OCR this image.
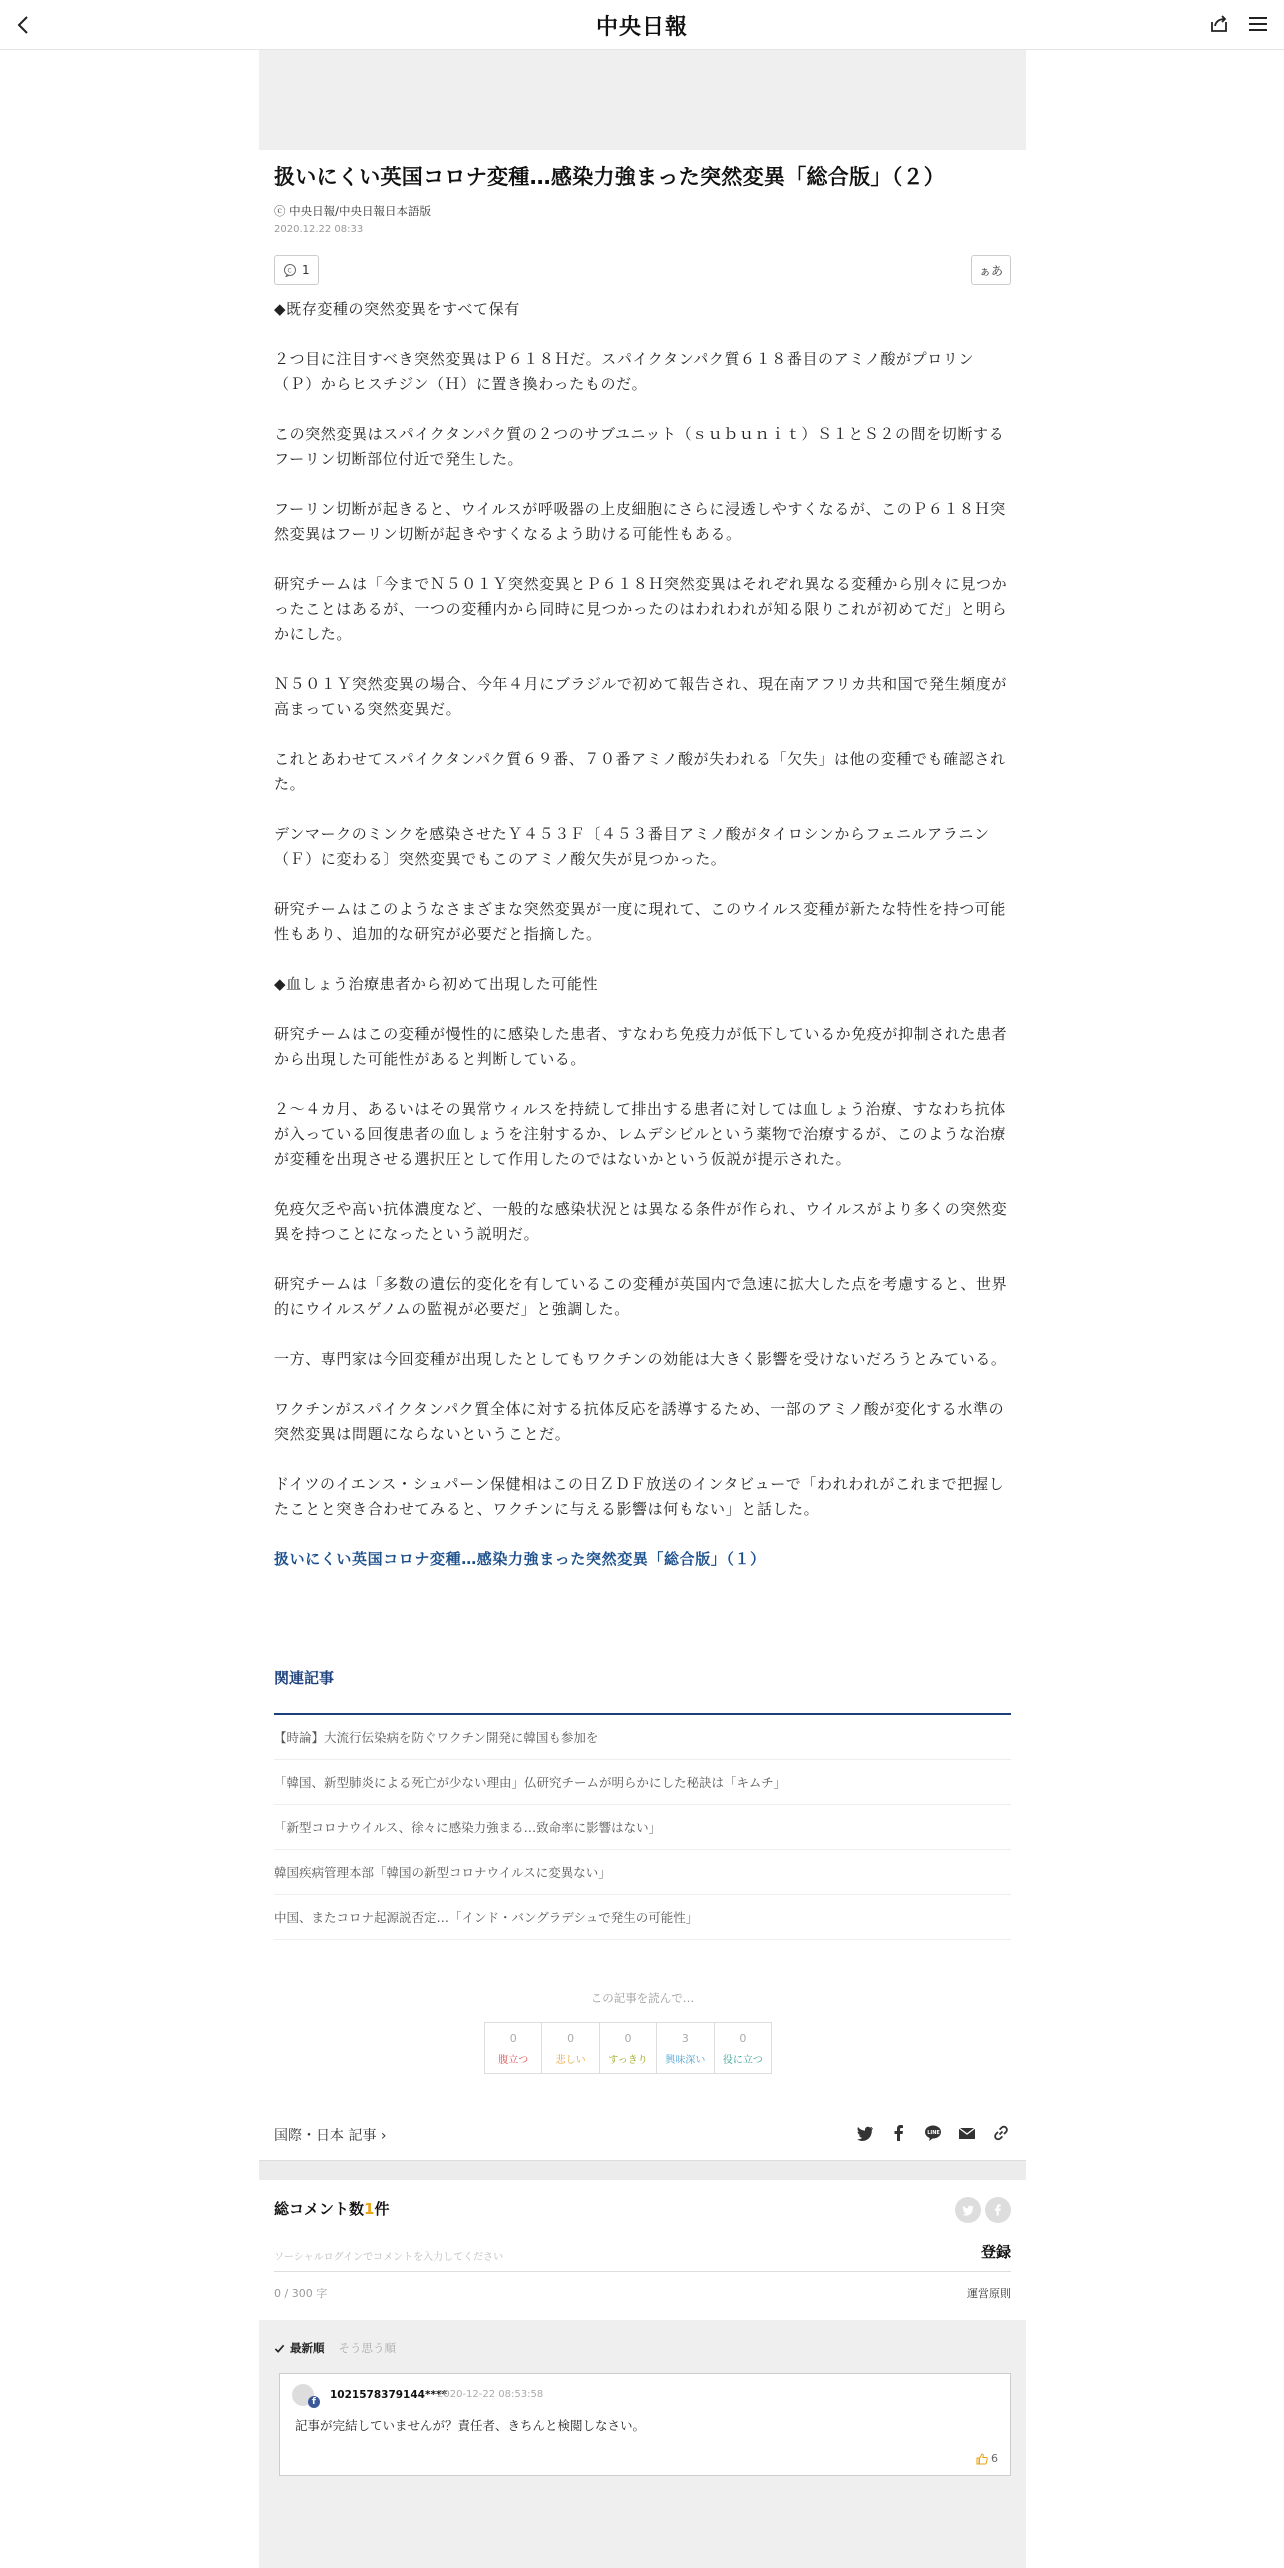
中央日報
扱いにくい英国コロナ変種…感染力強まった突然変異「総合版」（２）
ⓒ 中央日報/中央日報日本語版
2020.12.22 08:33
C 1	ぁあ

◆既存変種の突然変異をすべて保有

２つ目に注目すべき突然変異はＰ６１８Ｈだ。スパイクタンパク質６１８番目のアミノ酸がプロリン（Ｐ）からヒスチジン（Ｈ）に置き換わったものだ。

この突然変異はスパイクタンパク質の２つのサブユニット（ｓｕｂｕｎｉｔ）Ｓ１とＳ２の間を切断するフーリン切断部位付近で発生した。

フーリン切断が起きると、ウイルスが呼吸器の上皮細胞にさらに浸透しやすくなるが、このＰ６１８Ｈ突然変異はフーリン切断が起きやすくなるよう助ける可能性もある。

研究チームは「今までＮ５０１Ｙ突然変異とＰ６１８Ｈ突然変異はそれぞれ異なる変種から別々に見つかったことはあるが、一つの変種内から同時に見つかったのはわれわれが知る限りこれが初めてだ」と明らかにした。

Ｎ５０１Ｙ突然変異の場合、今年４月にブラジルで初めて報告され、現在南アフリカ共和国で発生頻度が高まっている突然変異だ。

これとあわせてスパイクタンパク質６９番、７０番アミノ酸が失われる「欠失」は他の変種でも確認された。

デンマークのミンクを感染させたＹ４５３Ｆ〔４５３番目アミノ酸がタイロシンからフェニルアラニン（Ｆ）に変わる〕突然変異でもこのアミノ酸欠失が見つかった。

研究チームはこのようなさまざまな突然変異が一度に現れて、このウイルス変種が新たな特性を持つ可能性もあり、追加的な研究が必要だと指摘した。

◆血しょう治療患者から初めて出現した可能性

研究チームはこの変種が慢性的に感染した患者、すなわち免疫力が低下しているか免疫が抑制された患者から出現した可能性があると判断している。

２～４カ月、あるいはその異常ウィルスを持続して排出する患者に対しては血しょう治療、すなわち抗体が入っている回復患者の血しょうを注射するか、レムデシビルという薬物で治療するが、このような治療が変種を出現させる選択圧として作用したのではないかという仮説が提示された。

免疫欠乏や高い抗体濃度など、一般的な感染状況とは異なる条件が作られ、ウイルスがより多くの突然変異を持つことになったという説明だ。

研究チームは「多数の遺伝的変化を有しているこの変種が英国内で急速に拡大した点を考慮すると、世界的にウイルスゲノムの監視が必要だ」と強調した。

一方、専門家は今回変種が出現したとしてもワクチンの効能は大きく影響を受けないだろうとみている。

ワクチンがスパイクタンパク質全体に対する抗体反応を誘導するため、一部のアミノ酸が変化する水準の突然変異は問題にならないということだ。

ドイツのイエンス・シュパーン保健相はこの日ＺＤＦ放送のインタビューで「われわれがこれまで把握したことと突き合わせてみると、ワクチンに与える影響は何もない」と話した。

扱いにくい英国コロナ変種…感染力強まった突然変異「総合版」（１）

関連記事
【時論】大流行伝染病を防ぐワクチン開発に韓国も参加を
「韓国、新型肺炎による死亡が少ない理由」仏研究チームが明らかにした秘訣は「キムチ」
「新型コロナウイルス、徐々に感染力強まる…致命率に影響はない」
韓国疾病管理本部「韓国の新型コロナウイルスに変異ない」
中国、またコロナ起源説否定…「インド・バングラデシュで発生の可能性」
この記事を読んで…
0
腹立つ
0
悲しい
0
すっきり
3
興味深い
0
役に立つ
国際・日本 記事 ›	LINE
総コメント数1件
ソーシャルログインでコメントを入力してください	登録
0 / 300 字	運営原則
最新順 そう思う順
f
1021578379144****
2020-12-22 08:53:58
記事が完結していませんが？責任者、きちんと検閲しなさい。
6
